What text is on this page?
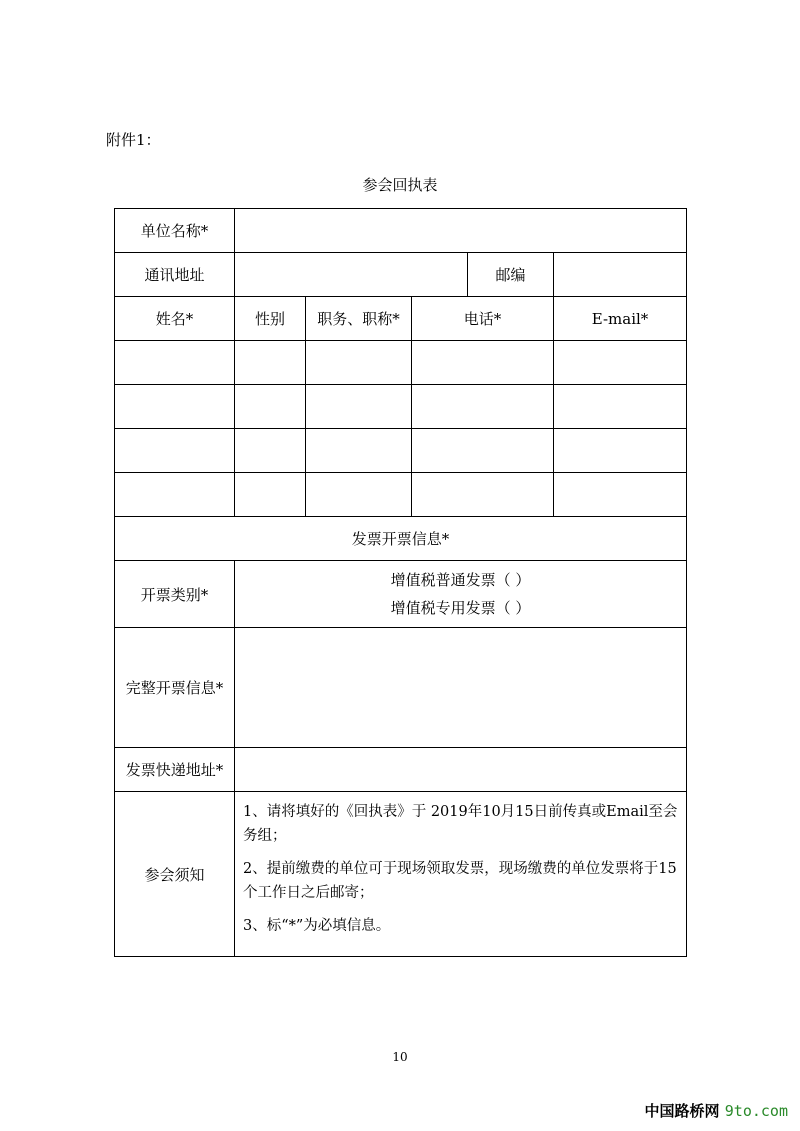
附件1：
参会回执表
单位名称*					
通讯地址				邮编	
姓名*	性别	职务、职称*	电话*		E-mail*

发票开票信息*					
开票类别*	增值税普通发票（ ）
增值税专用发票（ ）				

完整开票信息*					
发票快递地址*					
参会须知	1、请将填好的《回执表》于 2019年10月15日前传真或Email至会务组；

2、提前缴费的单位可于现场领取发票，现场缴费的单位发票将于15个工作日之后邮寄；

3、标“*”为必填信息。				

10
中国路桥网 9to.com
